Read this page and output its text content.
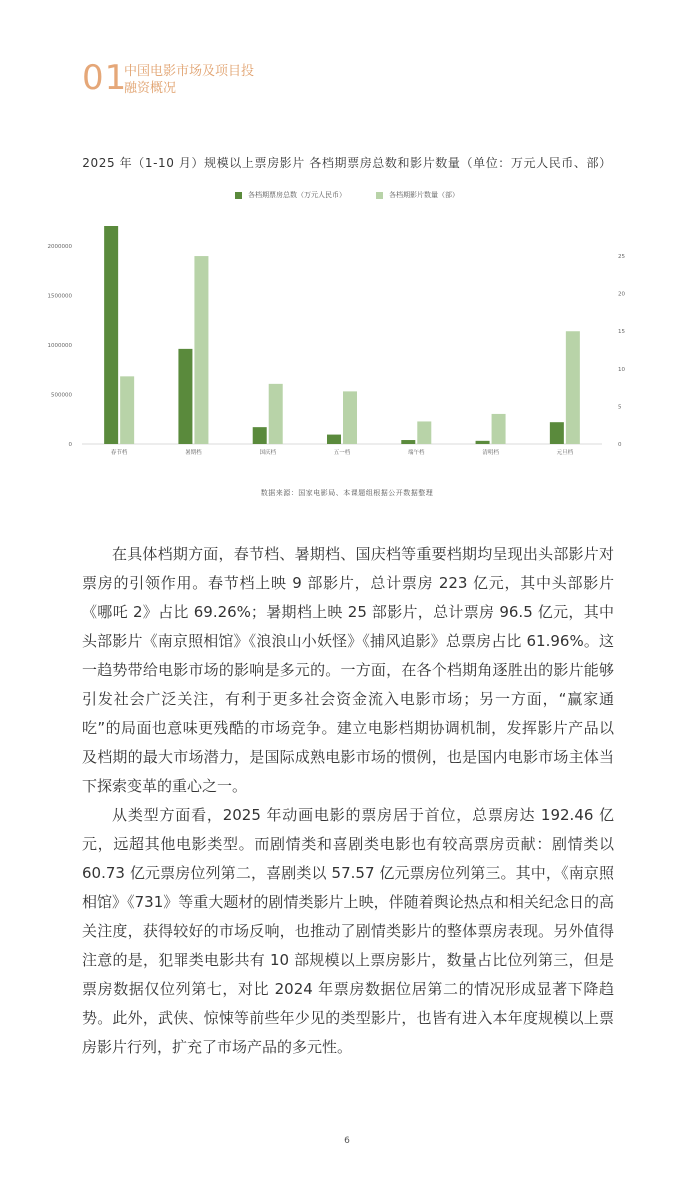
01
中国电影市场及项目投融资概况
2025 年（1-10 月）规模以上票房影片 各档期票房总数和影片数量（单位：万元人民币、部）
各档期票房总数（万元人民币）	各档期影片数量（部）
0
500000
1000000
1500000
2000000
0
5
10
15
20
25
春节档	暑期档	国庆档	五一档	端午档	清明档	元旦档
数据来源：国家电影局、本课题组根据公开数据整理

在具体档期方面，春节档、暑期档、国庆档等重要档期均呈现出头部影片对票房的引领作用。春节档上映 9 部影片，总计票房 223 亿元，其中头部影片《哪吒 2》占比 69.26%；暑期档上映 25 部影片，总计票房 96.5 亿元，其中头部影片《南京照相馆》《浪浪山小妖怪》《捕风追影》总票房占比 61.96%。这一趋势带给电影市场的影响是多元的。一方面，在各个档期角逐胜出的影片能够引发社会广泛关注，有利于更多社会资金流入电影市场；另一方面，“赢家通吃”的局面也意味更残酷的市场竞争。建立电影档期协调机制，发挥影片产品以及档期的最大市场潜力，是国际成熟电影市场的惯例，也是国内电影市场主体当下探索变革的重心之一。

从类型方面看，2025 年动画电影的票房居于首位，总票房达 192.46 亿元，远超其他电影类型。而剧情类和喜剧类电影也有较高票房贡献：剧情类以 60.73 亿元票房位列第二，喜剧类以 57.57 亿元票房位列第三。其中，《南京照相馆》《731》等重大题材的剧情类影片上映，伴随着舆论热点和相关纪念日的高关注度，获得较好的市场反响，也推动了剧情类影片的整体票房表现。另外值得注意的是，犯罪类电影共有 10 部规模以上票房影片，数量占比位列第三，但是票房数据仅位列第七，对比 2024 年票房数据位居第二的情况形成显著下降趋势。此外，武侠、惊悚等前些年少见的类型影片，也皆有进入本年度规模以上票房影片行列，扩充了市场产品的多元性。

6
